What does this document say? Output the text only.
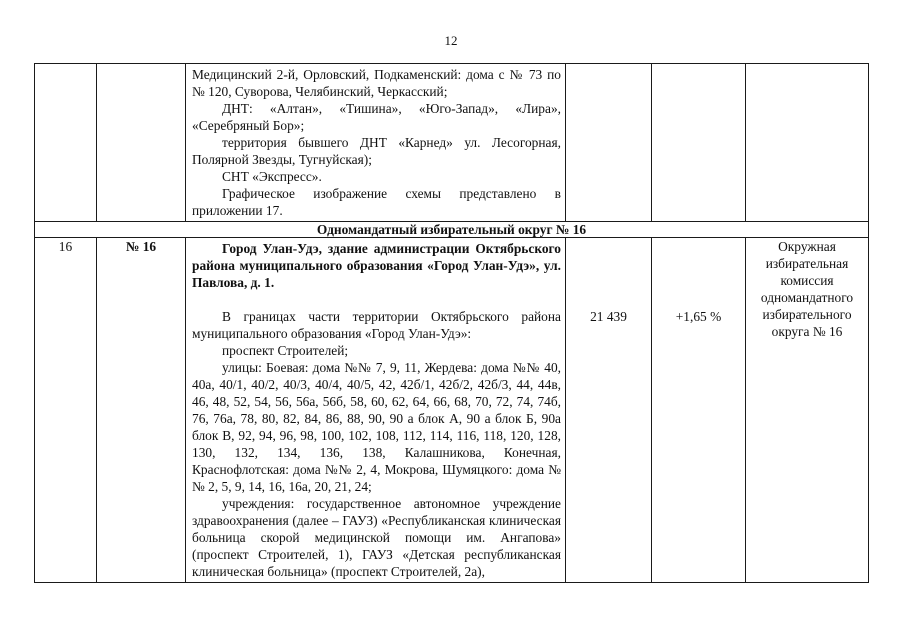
12

		Медицинский 2-й, Орловский, Подкаменский: дома с № 73 по № 120, Суворова, Челябинский, Черкасский;

ДНТ: «Алтан», «Тишина», «Юго-Запад», «Лира», «Серебряный Бор»;

территория бывшего ДНТ «Карнед» ул. Лесогорная, Полярной Звезды, Тугнуйская);

СНТ «Экспресс».

Графическое изображение схемы представлено в приложении 17.			

Одномандатный избирательный округ № 16					
16	№ 16	Город Улан-Удэ, здание администрации Октябрьского района муниципального образования «Город Улан-Удэ», ул. Павлова, д. 1.

В границах части территории Октябрьского района муниципального образования «Город Улан-Удэ»:

проспект Строителей;

улицы: Боевая: дома №№ 7, 9, 11, Жердева: дома №№ 40, 40а, 40/1, 40/2, 40/3, 40/4, 40/5, 42, 42б/1, 42б/2, 42б/3, 44, 44в, 46, 48, 52, 54, 56, 56а, 56б, 58, 60, 62, 64, 66, 68, 70, 72, 74, 74б, 76, 76а, 78, 80, 82, 84, 86, 88, 90, 90 а блок А, 90 а блок Б, 90а блок В, 92, 94, 96, 98, 100, 102, 108, 112, 114, 116, 118, 120, 128, 130, 132, 134, 136, 138, Калашникова, Конечная, Краснофлотская: дома №№ 2, 4, Мокрова, Шумяцкого: дома №№ 2, 5, 9, 14, 16, 16а, 20, 21, 24;

учреждения: государственное автономное учреждение здравоохранения (далее – ГАУЗ) «Республиканская клиническая больница скорой медицинской помощи им. Ангапова» (проспект Строителей, 1), ГАУЗ «Детская республиканская клиническая больница» (проспект Строителей, 2а),	21 439	+1,65 %	Окружная избирательная комиссия одномандатного избирательного округа № 16
